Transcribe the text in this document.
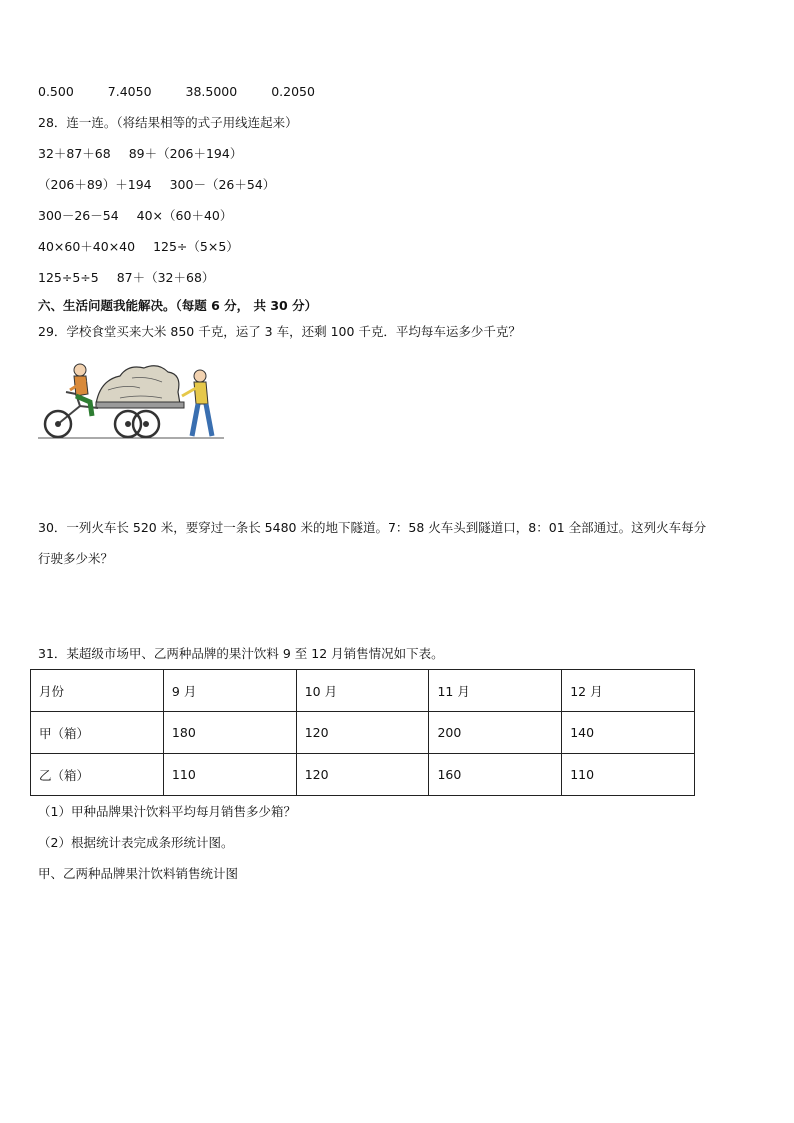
0.500	7.4050	38.5000	0.2050
28．连一连。（将结果相等的式子用线连起来）
32＋87＋68 89＋（206＋194）
（206＋89）＋194 300－（26＋54）
300－26－54 40×（60＋40）
40×60＋40×40 125÷（5×5）
125÷5÷5 87＋（32＋68）
六、生活问题我能解决。（每题 6 分， 共 30 分）
29．学校食堂买来大米 850 千克，运了 3 车，还剩 100 千克．平均每车运多少千克？
30．一列火车长 520 米，要穿过一条长 5480 米的地下隧道。7：58 火车头到隧道口，8：01 全部通过。这列火车每分
行驶多少米？
31．某超级市场甲、乙两种品牌的果汁饮料 9 至 12 月销售情况如下表。
月份	9 月	10 月	11 月	12 月
甲（箱）	180	120	200	140
乙（箱）	110	120	160	110
（1）甲种品牌果汁饮料平均每月销售多少箱？
（2）根据统计表完成条形统计图。
甲、乙两种品牌果汁饮料销售统计图
